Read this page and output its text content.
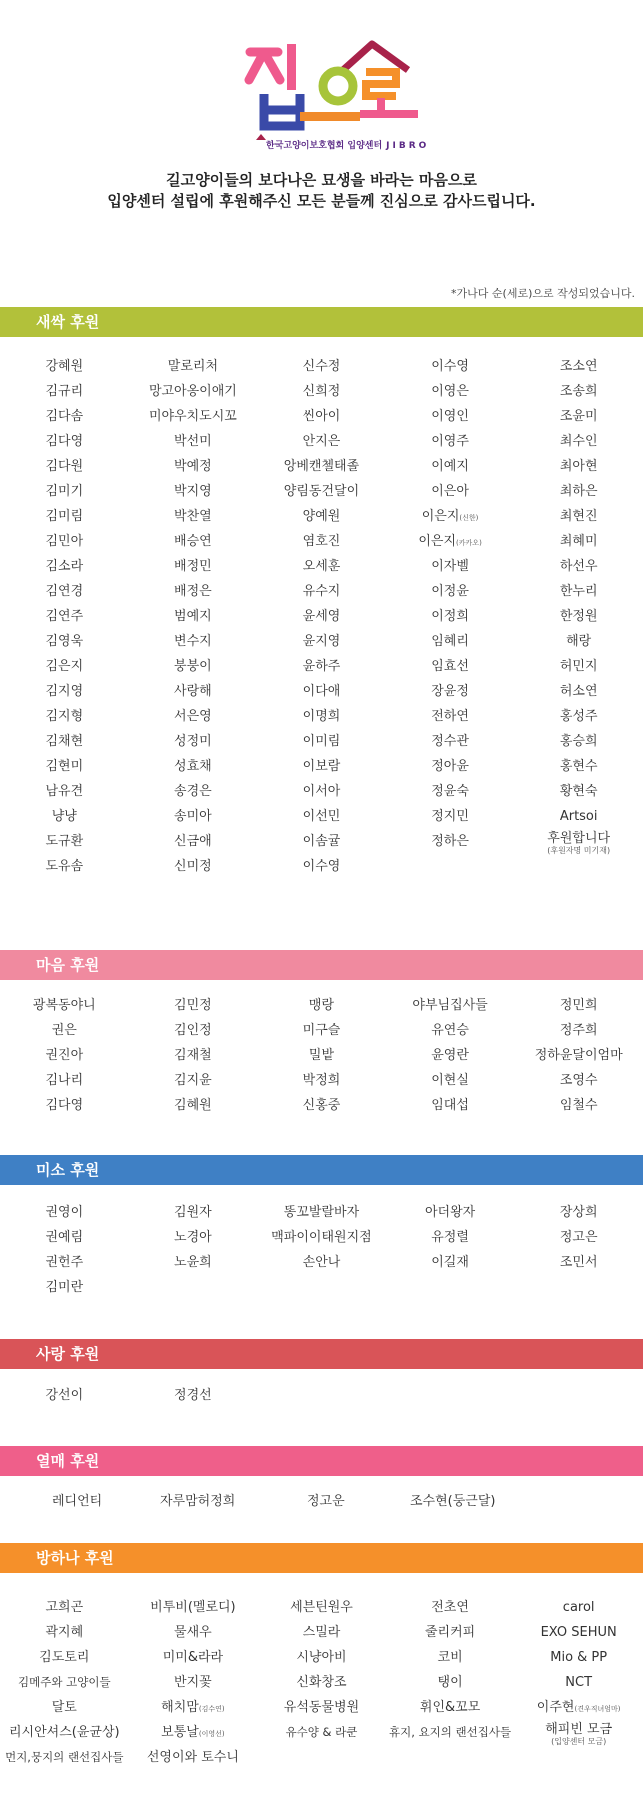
한국고양이보호협회 입양센터 JIBRO
길고양이들의 보다나은 묘생을 바라는 마음으로
입양센터 설립에 후원해주신 모든 분들께 진심으로 감사드립니다.
*가나다 순(세로)으로 작성되었습니다.
새싹 후원
강혜원	말로리처	신수정	이수영	조소연
김규리	망고아옹이애기	신희정	이영은	조송희
김다솜	미야우치도시꼬	씬아이	이영인	조윤미
김다영	박선미	안지은	이영주	최수인
김다원	박예정	앙베캔첼태졸	이예지	최아현
김미기	박지영	양림동건달이	이은아	최하은
김미림	박찬열	양예원	이은지(신한)	최현진
김민아	배승연	염호진	이은지(카카오)	최혜미
김소라	배정민	오세훈	이자벨	하선우
김연경	배정은	유수지	이정윤	한누리
김연주	범예지	윤세영	이정희	한정원
김영욱	변수지	윤지영	임혜리	해랑
김은지	붕붕이	윤하주	임효선	허민지
김지영	사랑해	이다애	장윤정	허소연
김지형	서은영	이명희	전하연	홍성주
김채현	성정미	이미림	정수관	홍승희
김현미	성효채	이보람	정아윤	홍현수
남유견	송경은	이서아	정윤숙	황현숙
냥냥	송미아	이선민	정지민	Artsoi
도규환	신금애	이솜귤	정하은	후원합니다
(후원자명 미기재)
도유솜	신미정	이수영
마음 후원
광복동야니	김민정	맹랑	야부님집사들	정민희
권은	김인정	미구슬	유연승	정주희
권진아	김재철	밀밭	윤영란	정하윤달이엄마
김나리	김지윤	박정희	이현실	조영수
김다영	김혜원	신홍중	임대섭	임철수
미소 후원
권영이	김원자	똥꼬발랄바자	아더왕자	장상희
권예림	노경아	맥파이이태원지점	유정렬	정고은
권헌주	노윤희	손안나	이길재	조민서
김미란
사랑 후원
강선이	정경선
열매 후원
레디언티	자루맘허정희	정고운	조수현(둥근달)
방하나 후원
고희곤	비투비(멜로디)	세븐틴원우	전초연	carol
곽지혜	물새우	스밀라	줄리커피	EXO SEHUN
김도토리	미미&라라	시냥아비	코비	Mio & PP
김메주와 고양이들	반지꽃	신화창조	탱이	NCT
달토	해치맘(김수연)	유석동물병원	휘인&꼬모	이주현(견우직녀엄마)
리시안셔스(윤균상)	보통날(이영선)	유수양 & 라쿤	휴지, 요지의 랜선집사들	해피빈 모금
(입양센터 모금)
먼지,뭉지의 랜선집사들	선영이와 토수니
